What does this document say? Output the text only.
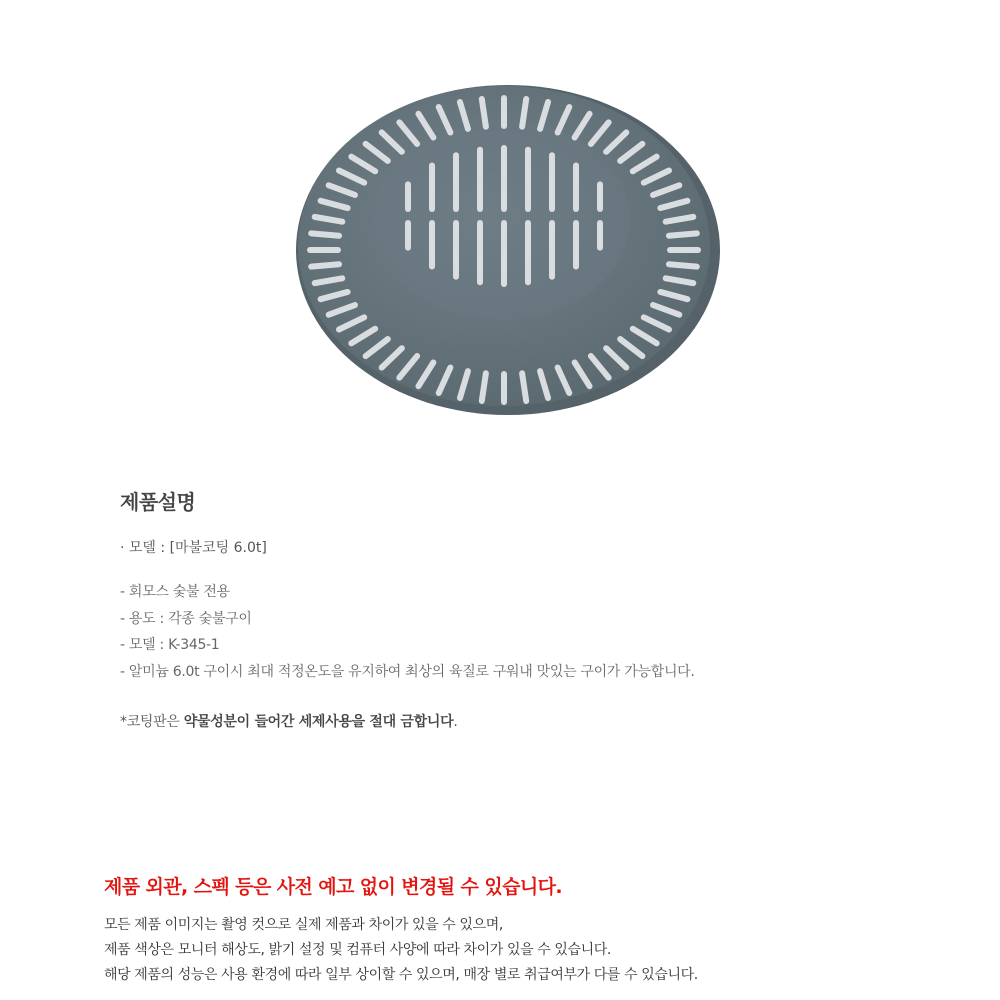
제품설명

· 모델 : [마불코팅 6.0t]

- 회모스 숯불 전용
- 용도 : 각종 숯불구이
- 모델 : K-345-1
- 알미늄 6.0t 구이시 최대 적정온도을 유지하여 최상의 육질로 구워내 맛있는 구이가 가능합니다.

*코팅판은 약물성분이 들어간 세제사용을 절대 금합니다.

제품 외관, 스펙 등은 사전 예고 없이 변경될 수 있습니다.

모든 제품 이미지는 촬영 컷으로 실제 제품과 차이가 있을 수 있으며,

제품 색상은 모니터 해상도, 밝기 설정 및 컴퓨터 사양에 따라 차이가 있을 수 있습니다.

해당 제품의 성능은 사용 환경에 따라 일부 상이할 수 있으며, 매장 별로 취급여부가 다를 수 있습니다.
